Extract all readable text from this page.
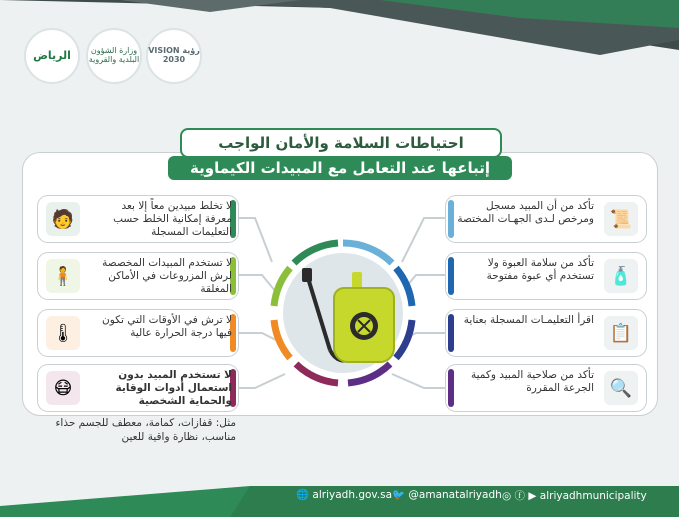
الرياض	وزارة الشؤون البلدية والقروية
VISION رؤية 2030
احتياطات السلامة والأمان الواجب
إتباعها عند التعامل مع المبيدات الكيماوية
🧑
لا تخلط مبيدين معاً إلا بعد معرفة إمكانية الخلط حسب التعليمات المسجلة
🧍
لا تستخدم المبيدات المخصصة لرش المزروعات في الأماكن المغلقة
🌡
لا ترش في الأوقات التي تكون فيها درجة الحرارة عالية
😷
لا تستخدم المبيد بدون استعمال أدوات الوقاية والحماية الشخصية
مثل: قفازات، كمامة، معطف للجسم حذاء مناسب، نظارة واقية للعين
📜
تأكد من أن المبيد مسجل ومرخص لـدى الجهـات المختصة
🧴
تأكد من سلامة العبوة ولا تستخدم أي عبوة مفتوحة
📋
اقرأ التعليمـات المسجلة بعناية
🔍
تأكد من صلاحية المبيد وكمية الجرعة المقررة
🌐 alriyadh.gov.sa 🐦 @amanatalriyadh ◎ ⓕ ▶ alriyadhmunicipality
